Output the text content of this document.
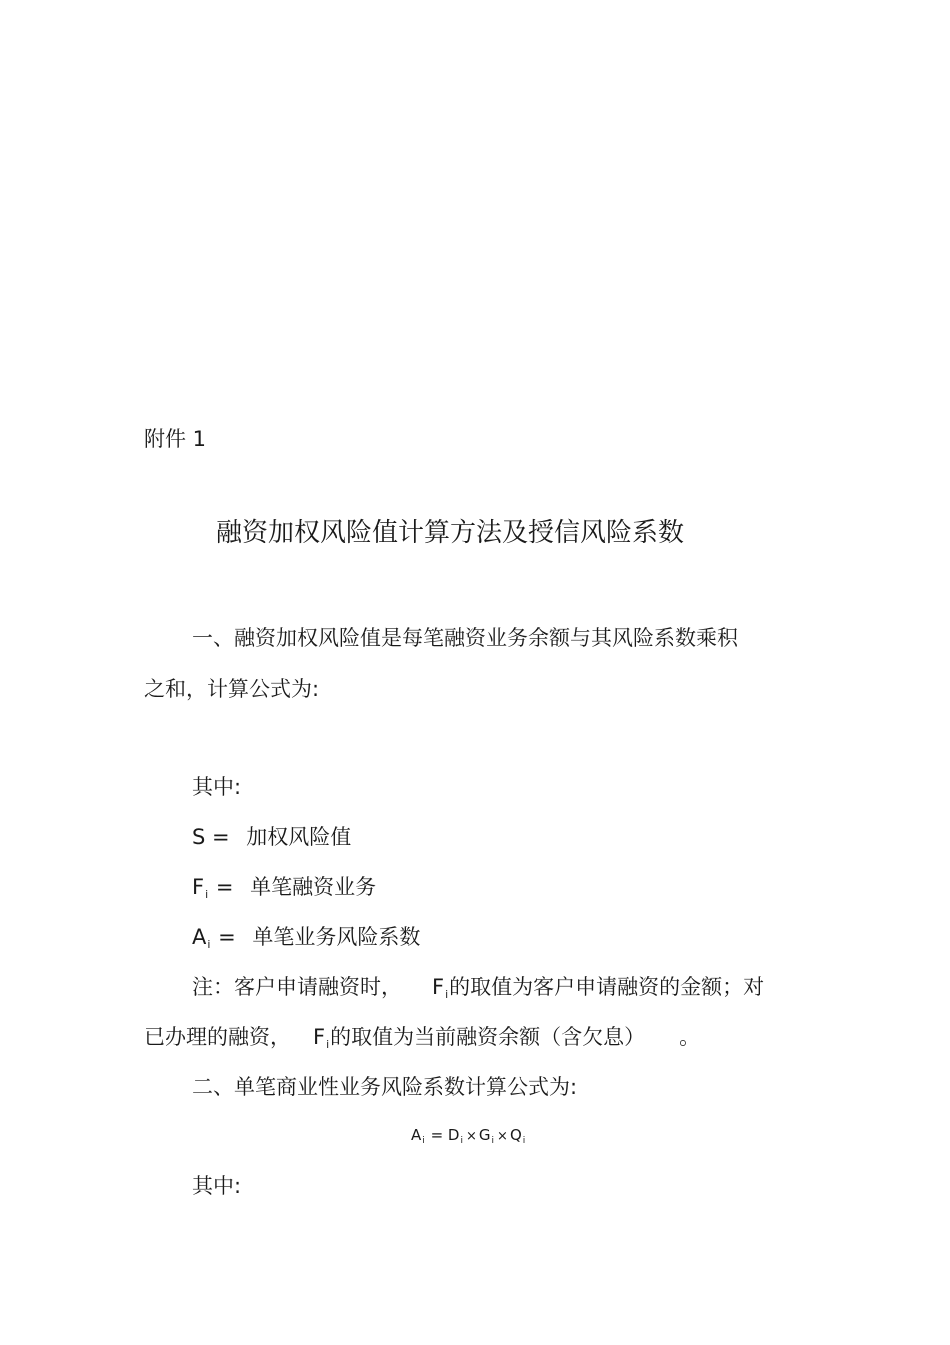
附件 1
融资加权风险值计算方法及授信风险系数
一、融资加权风险值是每笔融资业务余额与其风险系数乘积
之和，计算公式为:
其中:
S = 加权风险值
Fi = 单笔融资业务
Ai = 单笔业务风险系数
注：客户申请融资时， Fi的取值为客户申请融资的金额；对
已办理的融资， Fi的取值为当前融资余额（含欠息） 。
二、单笔商业性业务风险系数计算公式为:
$A_i = D_i \times G_i \times Q_i$
其中:
